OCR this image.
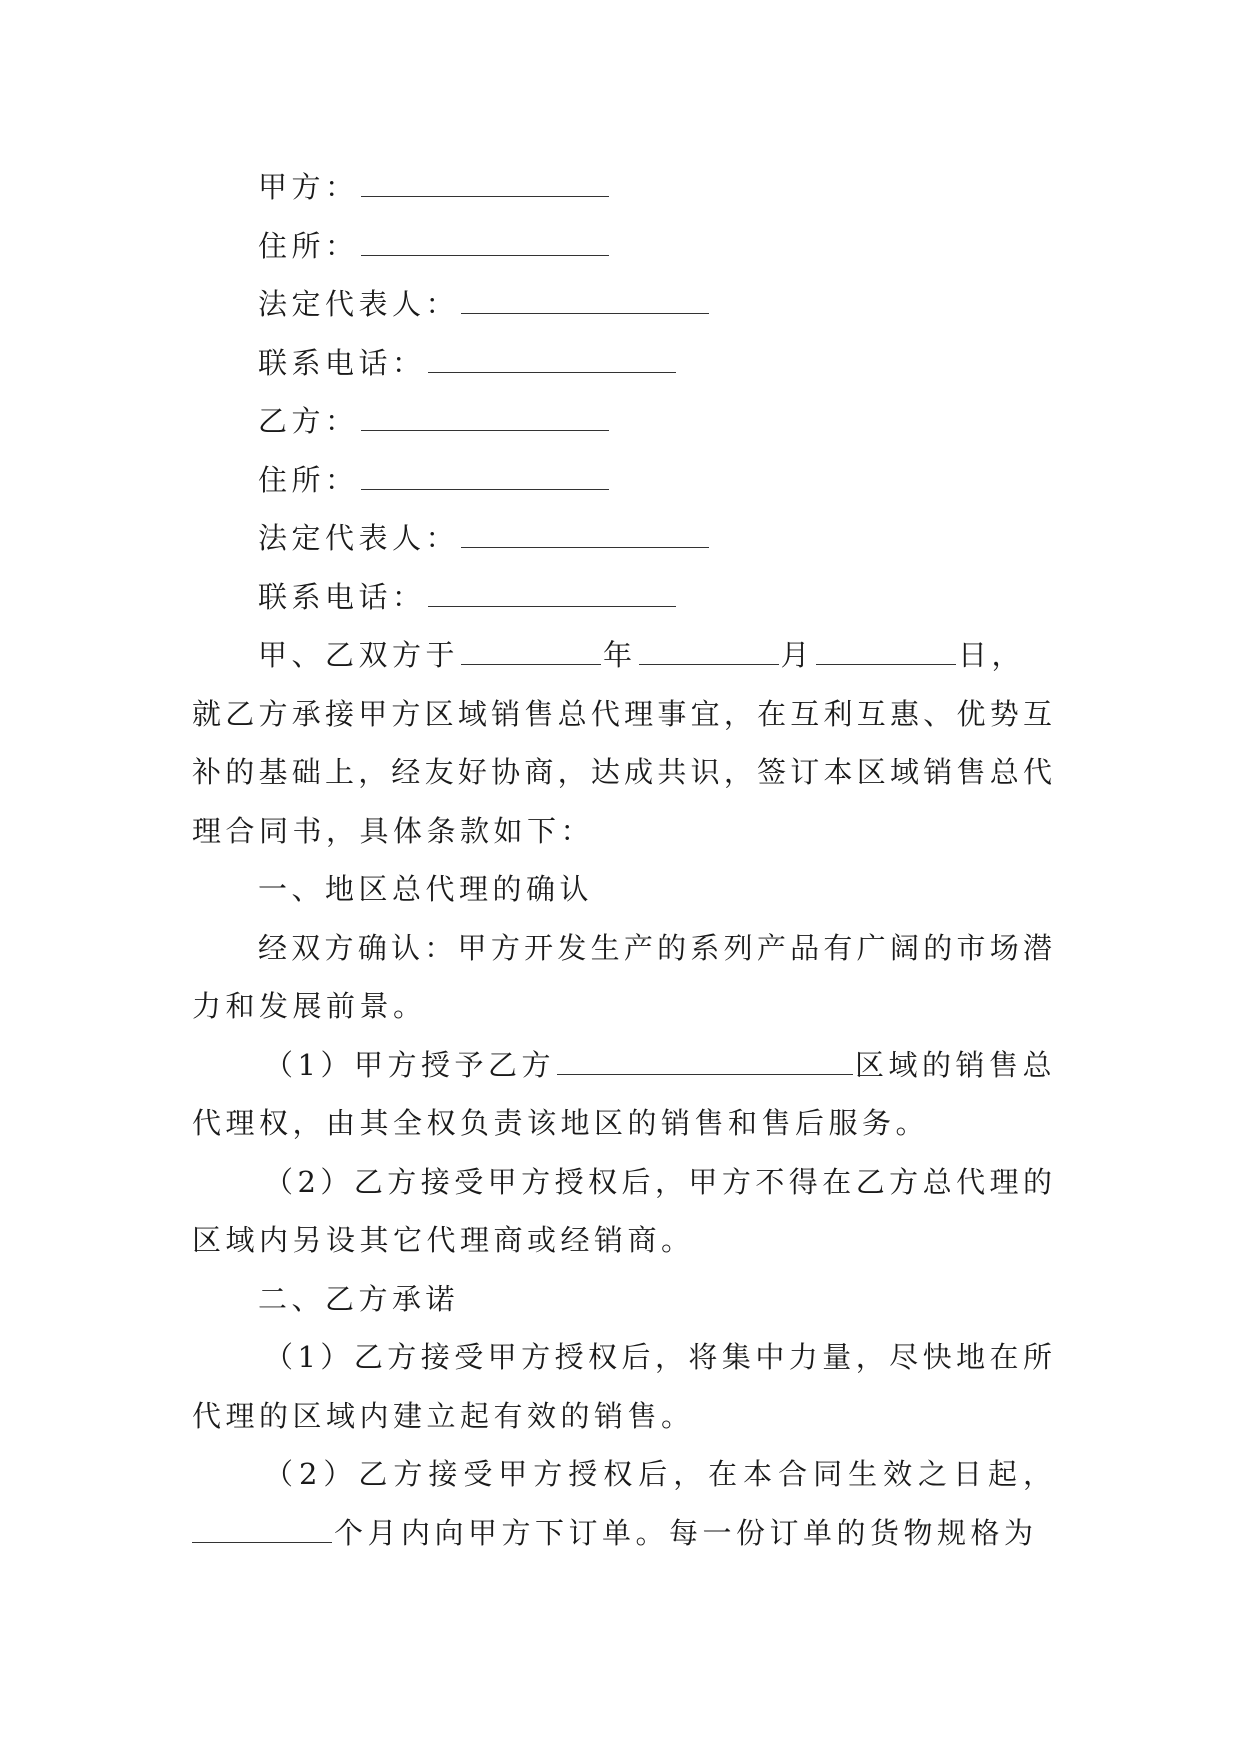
甲方：
住所：
法定代表人：
联系电话：
乙方：
住所：
法定代表人：
联系电话：
甲、乙双方于	年	月	日，
就乙方承接甲方区域销售总代理事宜，在互利互惠、优势互
补的基础上，经友好协商，达成共识，签订本区域销售总代
理合同书，具体条款如下：
一、地区总代理的确认
经双方确认：甲方开发生产的系列产品有广阔的市场潜
力和发展前景。
（1）甲方授予乙方	区域的销售总
代理权，由其全权负责该地区的销售和售后服务。
（2）乙方接受甲方授权后，甲方不得在乙方总代理的
区域内另设其它代理商或经销商。
二、乙方承诺
（1）乙方接受甲方授权后，将集中力量，尽快地在所
代理的区域内建立起有效的销售。
（2）乙方接受甲方授权后，在本合同生效之日起，
个月内向甲方下订单。每一份订单的货物规格为
